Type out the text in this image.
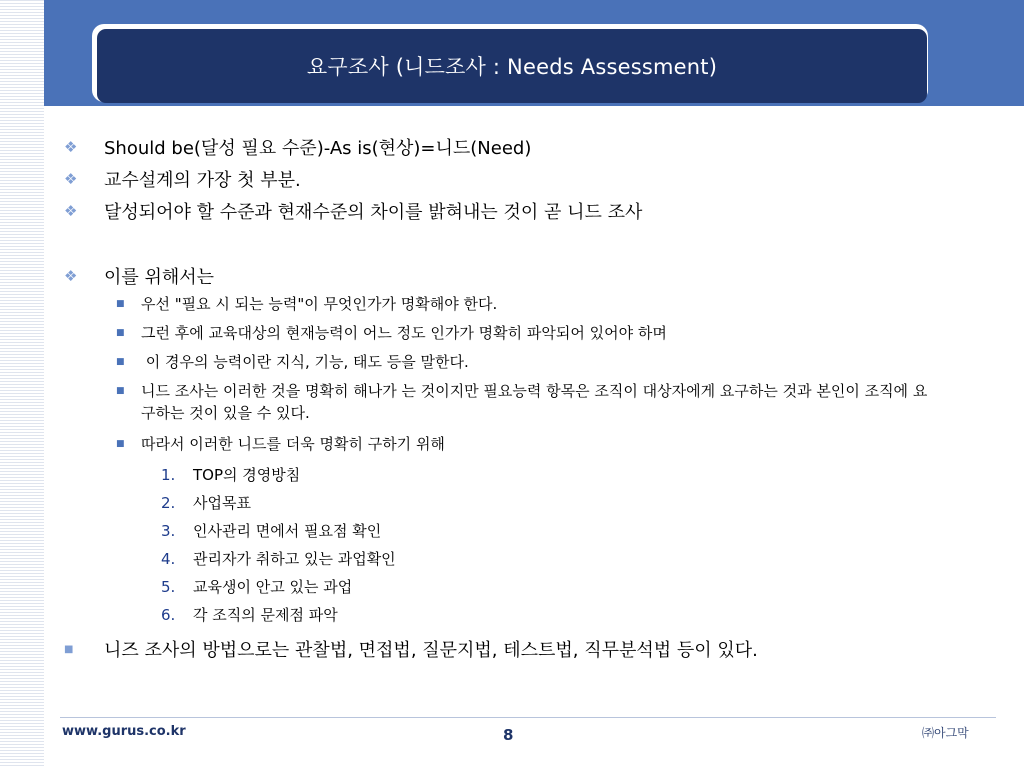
요구조사 (니드조사 : Needs Assessment)
❖	Should be(달성 필요 수준)-As is(현상)=니드(Need)
❖	교수설계의 가장 첫 부분.
❖	달성되어야 할 수준과 현재수준의 차이를 밝혀내는 것이 곧 니드 조사
❖	이를 위해서는
■	우선 "필요 시 되는 능력"이 무엇인가가 명확해야 한다.
■	그런 후에 교육대상의 현재능력이 어느 정도 인가가 명확히 파악되어 있어야 하며
■	이 경우의 능력이란 지식, 기능, 태도 등을 말한다.
■	니드 조사는 이러한 것을 명확히 해나가 는 것이지만 필요능력 항목은 조직이 대상자에게 요구하는 것과 본인이 조직에 요구하는 것이 있을 수 있다.
■	따라서 이러한 니드를 더욱 명확히 구하기 위해
1.	TOP의 경영방침
2.	사업목표
3.	인사관리 면에서 필요점 확인
4.	관리자가 취하고 있는 과업확인
5.	교육생이 안고 있는 과업
6.	각 조직의 문제점 파악
■	니즈 조사의 방법으로는 관찰법, 면접법, 질문지법, 테스트법, 직무분석법 등이 있다.
www.gurus.co.kr	8	㈜아그막
